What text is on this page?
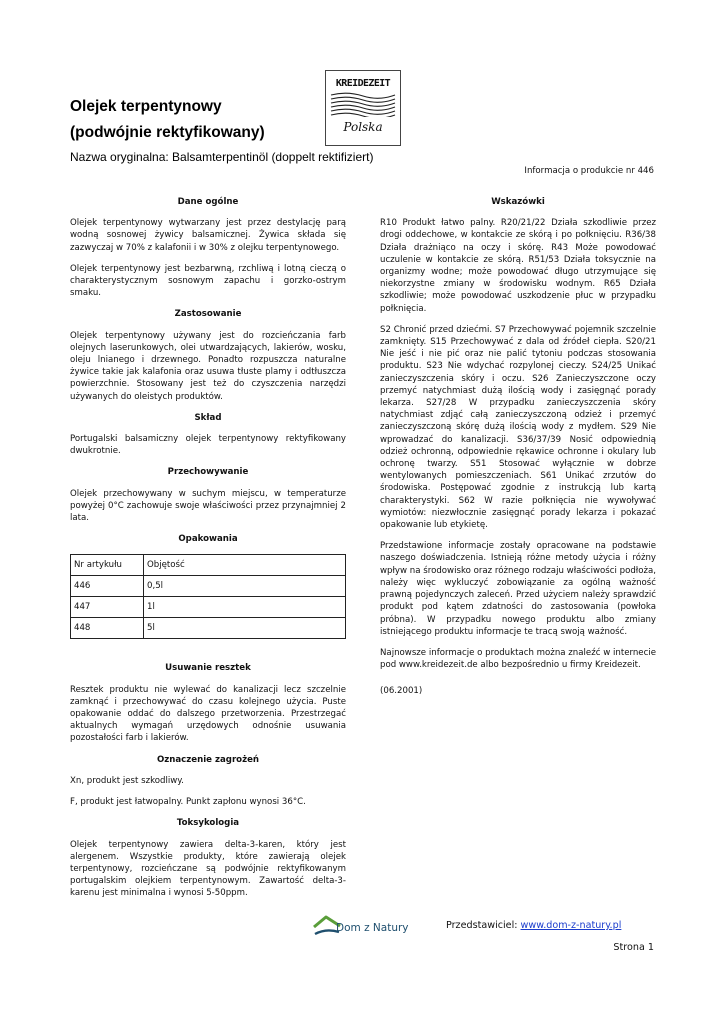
Olejek terpentynowy
(podwójnie rektyfikowany)
KREIDEZEIT
Polska
Nazwa oryginalna: Balsamterpentinöl (doppelt rektifiziert)
Informacja o produkcie nr 446
Dane ogólne

Olejek terpentynowy wytwarzany jest przez destylację parą wodną sosnowej żywicy balsamicznej. Żywica składa się zazwyczaj w 70% z kalafonii i w 30% z olejku terpentynowego.

Olejek terpentynowy jest bezbarwną, rzchliwą i lotną cieczą o charakterystycznym sosnowym zapachu i gorzko-ostrym smaku.

Zastosowanie

Olejek terpentynowy używany jest do rozcieńczania farb olejnych laserunkowych, olei utwardzających, lakierów, wosku, oleju lnianego i drzewnego. Ponadto rozpuszcza naturalne żywice takie jak kalafonia oraz usuwa tłuste plamy i odtłuszcza powierzchnie. Stosowany jest też do czyszczenia narzędzi używanych do oleistych produktów.

Skład

Portugalski balsamiczny olejek terpentynowy rektyfikowany dwukrotnie.

Przechowywanie

Olejek przechowywany w suchym miejscu, w temperaturze powyżej 0°C zachowuje swoje właściwości przez przynajmniej 2 lata.

Opakowania
Nr artykułu	Objętość
446	0,5l
447	1l
448	5l
Usuwanie resztek

Resztek produktu nie wylewać do kanalizacji lecz szczelnie zamknąć i przechowywać do czasu kolejnego użycia. Puste opakowanie oddać do dalszego przetworzenia. Przestrzegać aktualnych wymagań urzędowych odnośnie usuwania pozostałości farb i lakierów.

Oznaczenie zagrożeń

Xn, produkt jest szkodliwy.

F, produkt jest łatwopalny. Punkt zapłonu wynosi 36°C.

Toksykologia

Olejek terpentynowy zawiera delta-3-karen, który jest alergenem. Wszystkie produkty, które zawierają olejek terpentynowy, rozcieńczane są podwójnie rektyfikowanym portugalskim olejkiem terpentynowym. Zawartość delta-3-karenu jest minimalna i wynosi 5-50ppm.

Wskazówki

R10 Produkt łatwo palny. R20/21/22 Działa szkodliwie przez drogi oddechowe, w kontakcie ze skórą i po połknięciu. R36/38 Działa drażniąco na oczy i skórę. R43 Może powodować uczulenie w kontakcie ze skórą. R51/53 Działa toksycznie na organizmy wodne; może powodować długo utrzymujące się niekorzystne zmiany w środowisku wodnym. R65 Działa szkodliwie; może powodować uszkodzenie płuc w przypadku połknięcia.

S2 Chronić przed dziećmi. S7 Przechowywać pojemnik szczelnie zamknięty. S15 Przechowywać z dala od źródeł ciepła. S20/21 Nie jeść i nie pić oraz nie palić tytoniu podczas stosowania produktu. S23 Nie wdychać rozpylonej cieczy. S24/25 Unikać zanieczyszczenia skóry i oczu. S26 Zanieczyszczone oczy przemyć natychmiast dużą ilością wody i zasięgnąć porady lekarza. S27/28 W przypadku zanieczyszczenia skóry natychmiast zdjąć całą zanieczyszczoną odzież i przemyć zanieczyszczoną skórę dużą ilością wody z mydłem. S29 Nie wprowadzać do kanalizacji. S36/37/39 Nosić odpowiednią odzież ochronną, odpowiednie rękawice ochronne i okulary lub ochronę twarzy. S51 Stosować wyłącznie w dobrze wentylowanych pomieszczeniach. S61 Unikać zrzutów do środowiska. Postępować zgodnie z instrukcją lub kartą charakterystyki. S62 W razie połknięcia nie wywoływać wymiotów: niezwłocznie zasięgnąć porady lekarza i pokazać opakowanie lub etykietę.

Przedstawione informacje zostały opracowane na podstawie naszego doświadczenia. Istnieją różne metody użycia i różny wpływ na środowisko oraz różnego rodzaju właściwości podłoża, należy więc wykluczyć zobowiązanie za ogólną ważność prawną pojedynczych zaleceń. Przed użyciem należy sprawdzić produkt pod kątem zdatności do zastosowania (powłoka próbna). W przypadku nowego produktu albo zmiany istniejącego produktu informacje te tracą swoją ważność.

Najnowsze informacje o produktach można znaleźć w internecie pod www.kreidezeit.de albo bezpośrednio u firmy Kreidezeit.

(06.2001)

Dom z Natury	Przedstawiciel: www.dom-z-natury.pl
Strona 1
